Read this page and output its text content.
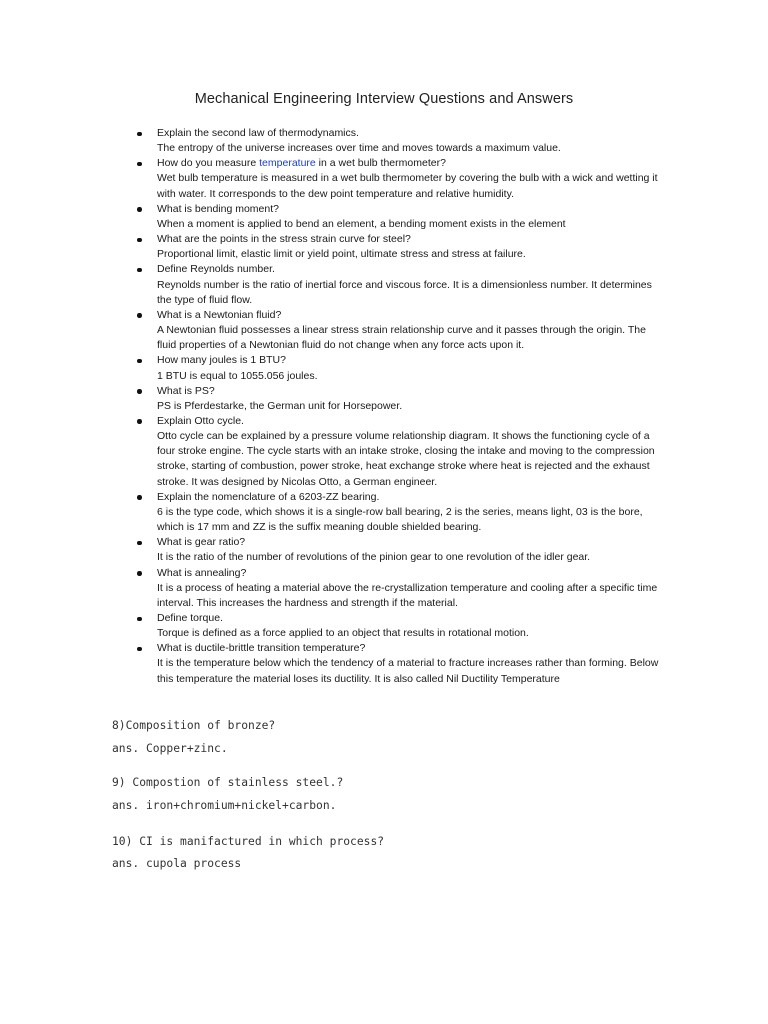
Mechanical Engineering Interview Questions and Answers
Explain the second law of thermodynamics.
The entropy of the universe increases over time and moves towards a maximum value.
How do you measure temperature in a wet bulb thermometer?
Wet bulb temperature is measured in a wet bulb thermometer by covering the bulb with a wick and wetting it with water. It corresponds to the dew point temperature and relative humidity.
What is bending moment?
When a moment is applied to bend an element, a bending moment exists in the element
What are the points in the stress strain curve for steel?
Proportional limit, elastic limit or yield point, ultimate stress and stress at failure.
Define Reynolds number.
Reynolds number is the ratio of inertial force and viscous force. It is a dimensionless number. It determines the type of fluid flow.
What is a Newtonian fluid?
A Newtonian fluid possesses a linear stress strain relationship curve and it passes through the origin. The fluid properties of a Newtonian fluid do not change when any force acts upon it.
How many joules is 1 BTU?
1 BTU is equal to 1055.056 joules.
What is PS?
PS is Pferdestarke, the German unit for Horsepower.
Explain Otto cycle.
Otto cycle can be explained by a pressure volume relationship diagram. It shows the functioning cycle of a four stroke engine. The cycle starts with an intake stroke, closing the intake and moving to the compression stroke, starting of combustion, power stroke, heat exchange stroke where heat is rejected and the exhaust stroke. It was designed by Nicolas Otto, a German engineer.
Explain the nomenclature of a 6203-ZZ bearing.
6 is the type code, which shows it is a single-row ball bearing, 2 is the series, means light, 03 is the bore, which is 17 mm and ZZ is the suffix meaning double shielded bearing.
What is gear ratio?
It is the ratio of the number of revolutions of the pinion gear to one revolution of the idler gear.
What is annealing?
It is a process of heating a material above the re-crystallization temperature and cooling after a specific time interval. This increases the hardness and strength if the material.
Define torque.
Torque is defined as a force applied to an object that results in rotational motion.
What is ductile-brittle transition temperature?
It is the temperature below which the tendency of a material to fracture increases rather than forming. Below this temperature the material loses its ductility. It is also called Nil Ductility Temperature

8)Composition of bronze?

ans. Copper+zinc.

9) Compostion of stainless steel.?

ans. iron+chromium+nickel+carbon.

10) CI is manifactured in which process?

ans. cupola process
